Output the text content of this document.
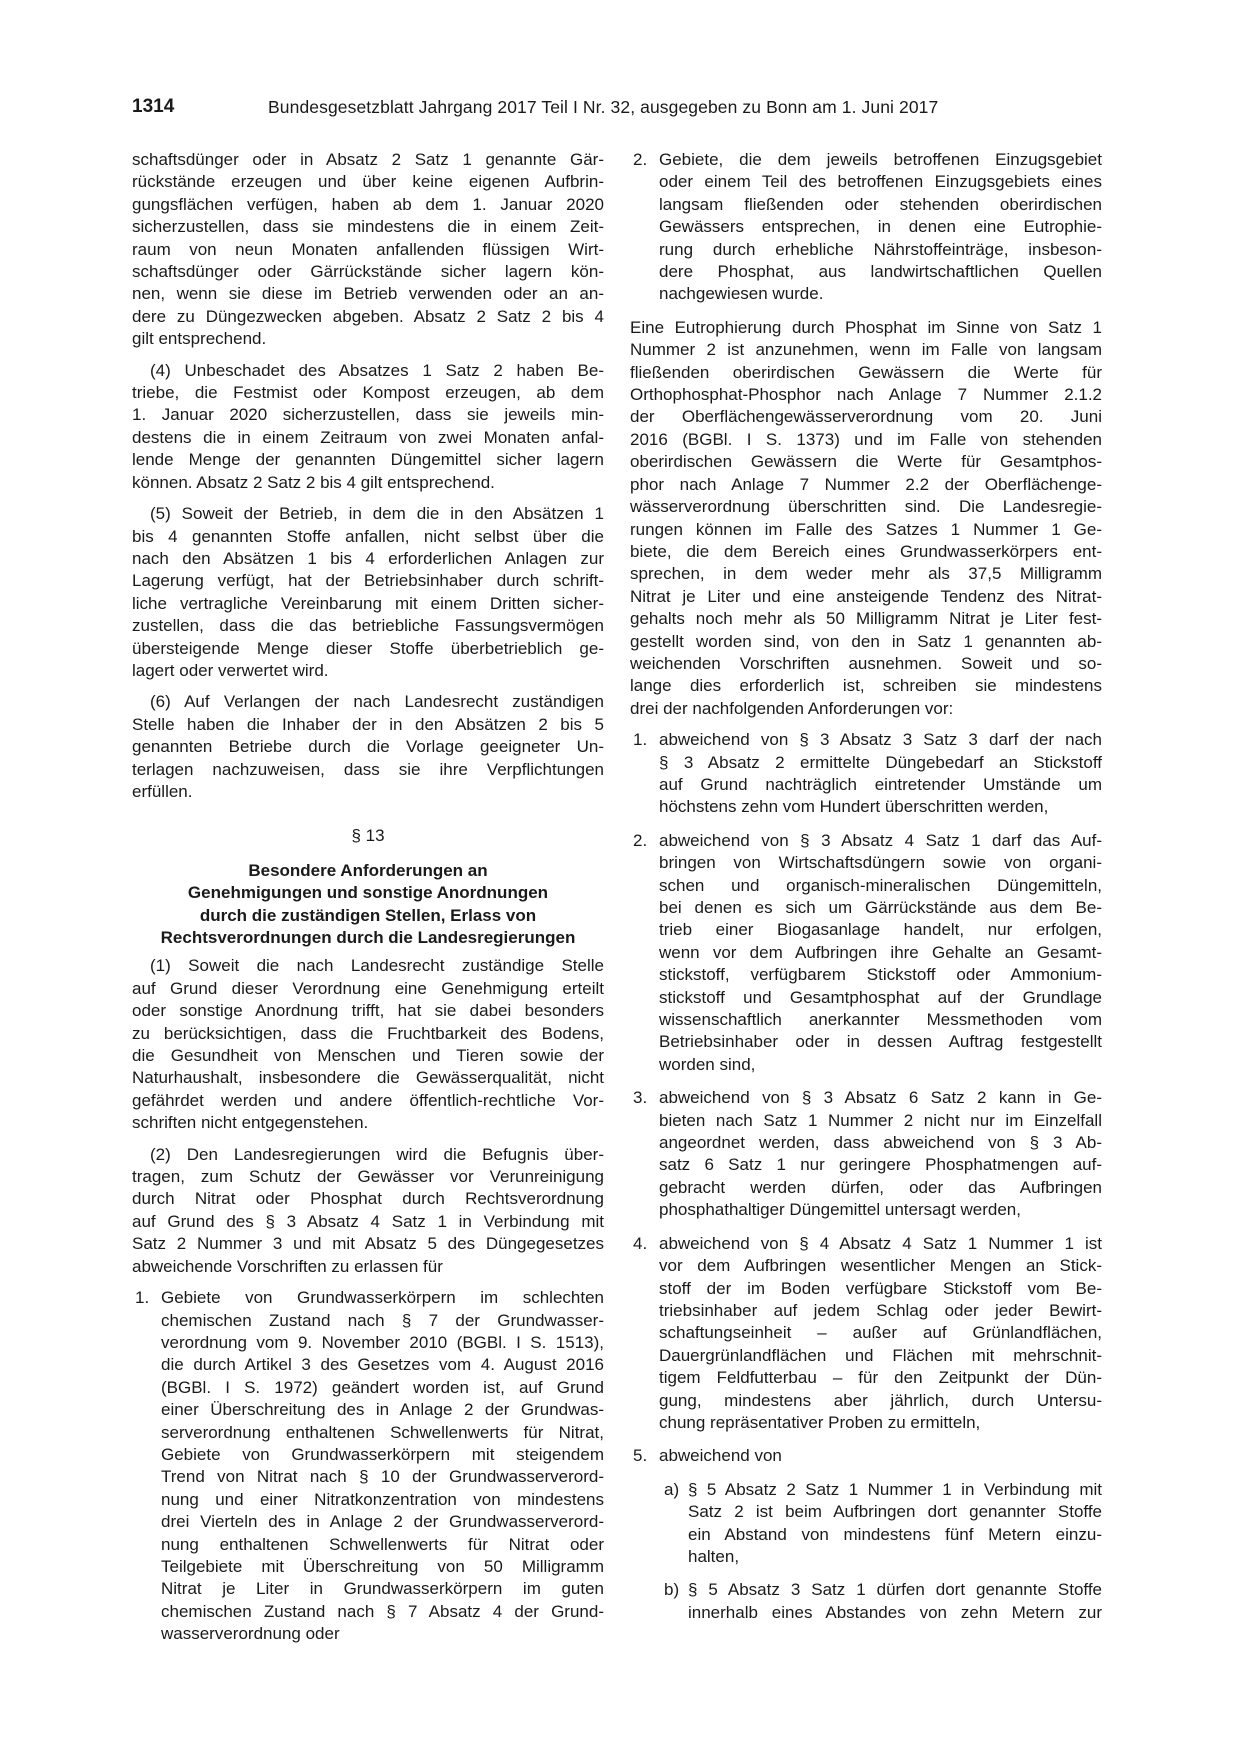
1314	Bundesgesetzblatt Jahrgang 2017 Teil I Nr. 32, ausgegeben zu Bonn am 1. Juni 2017
schaftsdünger oder in Absatz 2 Satz 1 genannte Gär-
rückstände erzeugen und über keine eigenen Aufbrin-
gungsflächen verfügen, haben ab dem 1. Januar 2020
sicherzustellen, dass sie mindestens die in einem Zeit-
raum von neun Monaten anfallenden flüssigen Wirt-
schaftsdünger oder Gärrückstände sicher lagern kön-
nen, wenn sie diese im Betrieb verwenden oder an an-
dere zu Düngezwecken abgeben. Absatz 2 Satz 2 bis 4
gilt entsprechend.
(4) Unbeschadet des Absatzes 1 Satz 2 haben Be-
triebe, die Festmist oder Kompost erzeugen, ab dem
1. Januar 2020 sicherzustellen, dass sie jeweils min-
destens die in einem Zeitraum von zwei Monaten anfal-
lende Menge der genannten Düngemittel sicher lagern
können. Absatz 2 Satz 2 bis 4 gilt entsprechend.
(5) Soweit der Betrieb, in dem die in den Absätzen 1
bis 4 genannten Stoffe anfallen, nicht selbst über die
nach den Absätzen 1 bis 4 erforderlichen Anlagen zur
Lagerung verfügt, hat der Betriebsinhaber durch schrift-
liche vertragliche Vereinbarung mit einem Dritten sicher-
zustellen, dass die das betriebliche Fassungsvermögen
übersteigende Menge dieser Stoffe überbetrieblich ge-
lagert oder verwertet wird.
(6) Auf Verlangen der nach Landesrecht zuständigen
Stelle haben die Inhaber der in den Absätzen 2 bis 5
genannten Betriebe durch die Vorlage geeigneter Un-
terlagen nachzuweisen, dass sie ihre Verpflichtungen
erfüllen.
§ 13
Besondere Anforderungen an
Genehmigungen und sonstige Anordnungen
durch die zuständigen Stellen, Erlass von
Rechtsverordnungen durch die Landesregierungen
(1) Soweit die nach Landesrecht zuständige Stelle
auf Grund dieser Verordnung eine Genehmigung erteilt
oder sonstige Anordnung trifft, hat sie dabei besonders
zu berücksichtigen, dass die Fruchtbarkeit des Bodens,
die Gesundheit von Menschen und Tieren sowie der
Naturhaushalt, insbesondere die Gewässerqualität, nicht
gefährdet werden und andere öffentlich-rechtliche Vor-
schriften nicht entgegenstehen.
(2) Den Landesregierungen wird die Befugnis über-
tragen, zum Schutz der Gewässer vor Verunreinigung
durch Nitrat oder Phosphat durch Rechtsverordnung
auf Grund des § 3 Absatz 4 Satz 1 in Verbindung mit
Satz 2 Nummer 3 und mit Absatz 5 des Düngegesetzes
abweichende Vorschriften zu erlassen für
1. Gebiete von Grundwasserkörpern im schlechten
chemischen Zustand nach § 7 der Grundwasser-
verordnung vom 9. November 2010 (BGBl. I S. 1513),
die durch Artikel 3 des Gesetzes vom 4. August 2016
(BGBl. I S. 1972) geändert worden ist, auf Grund
einer Überschreitung des in Anlage 2 der Grundwas-
serverordnung enthaltenen Schwellenwerts für Nitrat,
Gebiete von Grundwasserkörpern mit steigendem
Trend von Nitrat nach § 10 der Grundwasserverord-
nung und einer Nitratkonzentration von mindestens
drei Vierteln des in Anlage 2 der Grundwasserverord-
nung enthaltenen Schwellenwerts für Nitrat oder
Teilgebiete mit Überschreitung von 50 Milligramm
Nitrat je Liter in Grundwasserkörpern im guten
chemischen Zustand nach § 7 Absatz 4 der Grund-
wasserverordnung oder
2. Gebiete, die dem jeweils betroffenen Einzugsgebiet
oder einem Teil des betroffenen Einzugsgebiets eines
langsam fließenden oder stehenden oberirdischen
Gewässers entsprechen, in denen eine Eutrophie-
rung durch erhebliche Nährstoffeinträge, insbeson-
dere Phosphat, aus landwirtschaftlichen Quellen
nachgewiesen wurde.
Eine Eutrophierung durch Phosphat im Sinne von Satz 1
Nummer 2 ist anzunehmen, wenn im Falle von langsam
fließenden oberirdischen Gewässern die Werte für
Orthophosphat-Phosphor nach Anlage 7 Nummer 2.1.2
der Oberflächengewässerverordnung vom 20. Juni
2016 (BGBl. I S. 1373) und im Falle von stehenden
oberirdischen Gewässern die Werte für Gesamtphos-
phor nach Anlage 7 Nummer 2.2 der Oberflächenge-
wässerverordnung überschritten sind. Die Landesregie-
rungen können im Falle des Satzes 1 Nummer 1 Ge-
biete, die dem Bereich eines Grundwasserkörpers ent-
sprechen, in dem weder mehr als 37,5 Milligramm
Nitrat je Liter und eine ansteigende Tendenz des Nitrat-
gehalts noch mehr als 50 Milligramm Nitrat je Liter fest-
gestellt worden sind, von den in Satz 1 genannten ab-
weichenden Vorschriften ausnehmen. Soweit und so-
lange dies erforderlich ist, schreiben sie mindestens
drei der nachfolgenden Anforderungen vor:
1. abweichend von § 3 Absatz 3 Satz 3 darf der nach
§ 3 Absatz 2 ermittelte Düngebedarf an Stickstoff
auf Grund nachträglich eintretender Umstände um
höchstens zehn vom Hundert überschritten werden,
2. abweichend von § 3 Absatz 4 Satz 1 darf das Auf-
bringen von Wirtschaftsdüngern sowie von organi-
schen und organisch-mineralischen Düngemitteln,
bei denen es sich um Gärrückstände aus dem Be-
trieb einer Biogasanlage handelt, nur erfolgen,
wenn vor dem Aufbringen ihre Gehalte an Gesamt-
stickstoff, verfügbarem Stickstoff oder Ammonium-
stickstoff und Gesamtphosphat auf der Grundlage
wissenschaftlich anerkannter Messmethoden vom
Betriebsinhaber oder in dessen Auftrag festgestellt
worden sind,
3. abweichend von § 3 Absatz 6 Satz 2 kann in Ge-
bieten nach Satz 1 Nummer 2 nicht nur im Einzelfall
angeordnet werden, dass abweichend von § 3 Ab-
satz 6 Satz 1 nur geringere Phosphatmengen auf-
gebracht werden dürfen, oder das Aufbringen
phosphathaltiger Düngemittel untersagt werden,
4. abweichend von § 4 Absatz 4 Satz 1 Nummer 1 ist
vor dem Aufbringen wesentlicher Mengen an Stick-
stoff der im Boden verfügbare Stickstoff vom Be-
triebsinhaber auf jedem Schlag oder jeder Bewirt-
schaftungseinheit – außer auf Grünlandflächen,
Dauergrünlandflächen und Flächen mit mehrschnit-
tigem Feldfutterbau – für den Zeitpunkt der Dün-
gung, mindestens aber jährlich, durch Untersu-
chung repräsentativer Proben zu ermitteln,
5. abweichend von
a) § 5 Absatz 2 Satz 1 Nummer 1 in Verbindung mit
Satz 2 ist beim Aufbringen dort genannter Stoffe
ein Abstand von mindestens fünf Metern einzu-
halten,
b) § 5 Absatz 3 Satz 1 dürfen dort genannte Stoffe
innerhalb eines Abstandes von zehn Metern zur
